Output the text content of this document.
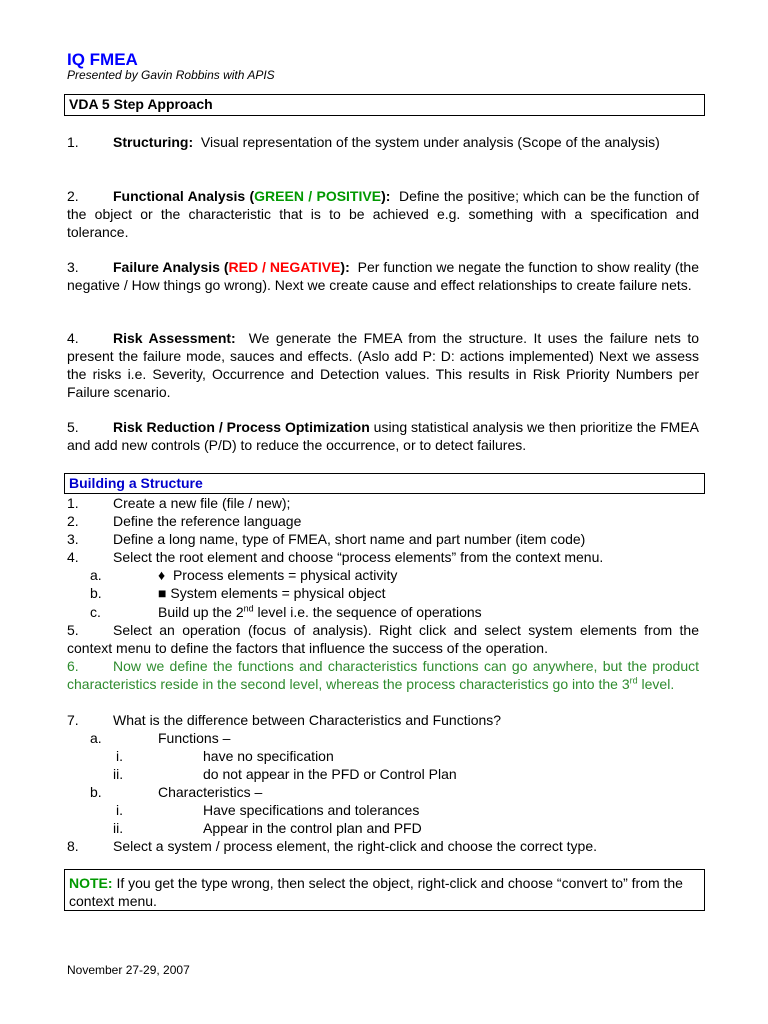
IQ FMEA
Presented by Gavin Robbins with APIS
VDA 5 Step Approach
1. Structuring: Visual representation of the system under analysis (Scope of the analysis)
2. Functional Analysis (GREEN / POSITIVE): Define the positive; which can be the function of the object or the characteristic that is to be achieved e.g. something with a specification and tolerance.
3. Failure Analysis (RED / NEGATIVE): Per function we negate the function to show reality (the negative / How things go wrong). Next we create cause and effect relationships to create failure nets.
4. Risk Assessment: We generate the FMEA from the structure. It uses the failure nets to present the failure mode, sauces and effects. (Aslo add P: D: actions implemented) Next we assess the risks i.e. Severity, Occurrence and Detection values. This results in Risk Priority Numbers per Failure scenario.
5. Risk Reduction / Process Optimization using statistical analysis we then prioritize the FMEA and add new controls (P/D) to reduce the occurrence, or to detect failures.
Building a Structure
1. Create a new file (file / new);
2. Define the reference language
3. Define a long name, type of FMEA, short name and part number (item code)
4. Select the root element and choose “process elements” from the context menu.
a.	♦ Process elements = physical activity
b.	■ System elements = physical object
c.	Build up the 2nd level i.e. the sequence of operations
5. Select an operation (focus of analysis). Right click and select system elements from the context menu to define the factors that influence the success of the operation.
6. Now we define the functions and characteristics functions can go anywhere, but the product characteristics reside in the second level, whereas the process characteristics go into the 3rd level.
7. What is the difference between Characteristics and Functions?
a.	Functions –
i.	have no specification
ii.	do not appear in the PFD or Control Plan
b.	Characteristics –
i.	Have specifications and tolerances
ii.	Appear in the control plan and PFD
8. Select a system / process element, the right-click and choose the correct type.
NOTE: If you get the type wrong, then select the object, right-click and choose “convert to” from the context menu.
November 27-29, 2007
